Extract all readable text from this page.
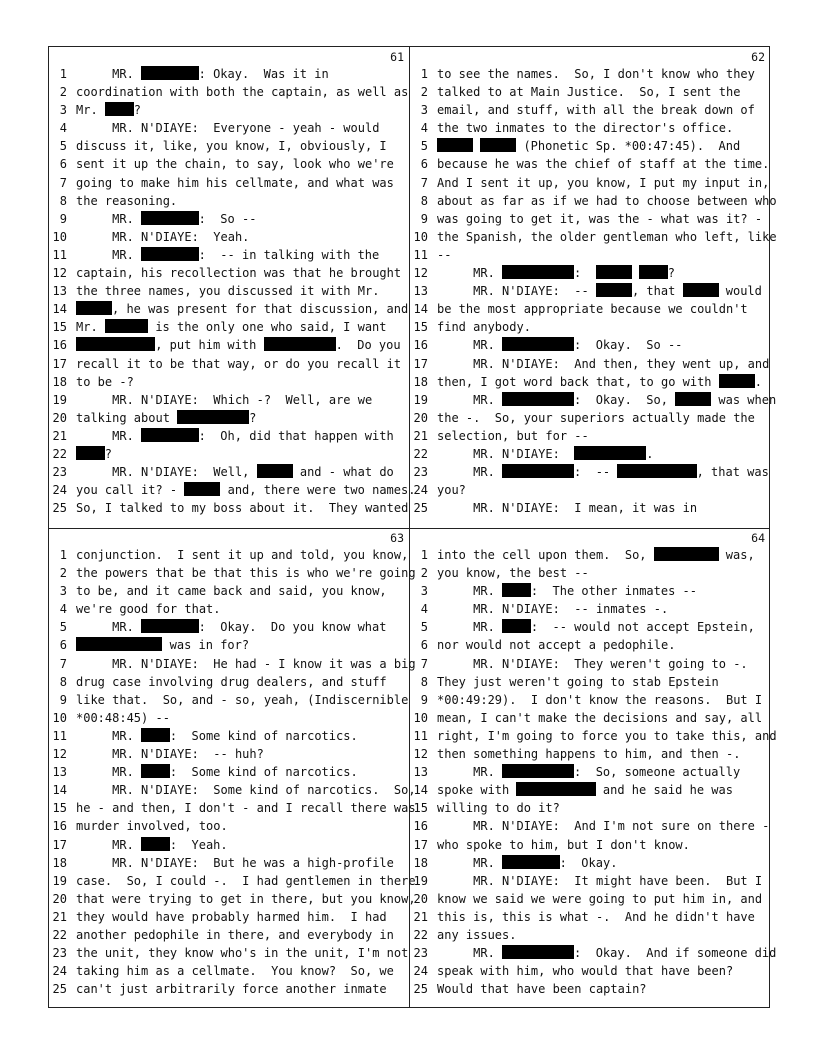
61
1     MR.	: Okay.  Was it in
2 coordination with both the captain, as well as
3 Mr. ?
4     MR. N'DIAYE:  Everyone - yeah - would
5 discuss it, like, you know, I, obviously, I
6 sent it up the chain, to say, look who we're
7 going to make him his cellmate, and what was
8 the reasoning.
9     MR.	:  So --
10     MR. N'DIAYE:  Yeah.
11     MR.	:  -- in talking with the
12 captain, his recollection was that he brought
13 the three names, you discussed it with Mr.
14	, he was present for that discussion, and
15 Mr.	is the only one who said, I want
16	, put him with	.  Do you
17 recall it to be that way, or do you recall it
18 to be -?
19     MR. N'DIAYE:  Which -?  Well, are we
20 talking about	?
21     MR.	:  Oh, did that happen with
22	?
23     MR. N'DIAYE:  Well,	and - what do
24 you call it? -	and, there were two names.
25 So, I talked to my boss about it.  They wanted
62
1 to see the names.  So, I don't know who they
2 talked to at Main Justice.  So, I sent the
3 email, and stuff, with all the break down of
4 the two inmates to the director's office.
5	(Phonetic Sp. *00:47:45).  And
6 because he was the chief of staff at the time.
7 And I sent it up, you know, I put my input in,
8 about as far as if we had to choose between who
9 was going to get it, was the - what was it? -
10 the Spanish, the older gentleman who left, like
11 --
12     MR.	:	?
13     MR. N'DIAYE:  --	, that	would
14 be the most appropriate because we couldn't
15 find anybody.
16     MR.	:  Okay.  So --
17     MR. N'DIAYE:  And then, they went up, and
18 then, I got word back that, to go with	.
19     MR.	:  Okay.  So,	was when
20 the -.  So, your superiors actually made the
21 selection, but for --
22     MR. N'DIAYE:	.
23     MR.	:  --	, that was
24 you?
25     MR. N'DIAYE:  I mean, it was in
63
1 conjunction.  I sent it up and told, you know,
2 the powers that be that this is who we're going
3 to be, and it came back and said, you know,
4 we're good for that.
5     MR.	:  Okay.  Do you know what
6	was in for?
7     MR. N'DIAYE:  He had - I know it was a big
8 drug case involving drug dealers, and stuff
9 like that.  So, and - so, yeah, (Indiscernible
10 *00:48:45) --
11     MR. :  Some kind of narcotics.
12     MR. N'DIAYE:  -- huh?
13     MR. :  Some kind of narcotics.
14     MR. N'DIAYE:  Some kind of narcotics.  So,
15 he - and then, I don't - and I recall there was
16 murder involved, too.
17     MR. :  Yeah.
18     MR. N'DIAYE:  But he was a high-profile
19 case.  So, I could -.  I had gentlemen in there
20 that were trying to get in there, but you know,
21 they would have probably harmed him.  I had
22 another pedophile in there, and everybody in
23 the unit, they know who's in the unit, I'm not
24 taking him as a cellmate.  You know?  So, we
25 can't just arbitrarily force another inmate
64
1 into the cell upon them.  So,	was,
2 you know, the best --
3     MR. :  The other inmates --
4     MR. N'DIAYE:  -- inmates -.
5     MR. :  -- would not accept Epstein,
6 nor would not accept a pedophile.
7     MR. N'DIAYE:  They weren't going to -.
8 They just weren't going to stab Epstein
9 *00:49:29).  I don't know the reasons.  But I
10 mean, I can't make the decisions and say, all
11 right, I'm going to force you to take this, and
12 then something happens to him, and then -.
13     MR.	:  So, someone actually
14 spoke with	and he said he was
15 willing to do it?
16     MR. N'DIAYE:  And I'm not sure on there -
17 who spoke to him, but I don't know.
18     MR.	:  Okay.
19     MR. N'DIAYE:  It might have been.  But I
20 know we said we were going to put him in, and
21 this is, this is what -.  And he didn't have
22 any issues.
23     MR.	:  Okay.  And if someone did
24 speak with him, who would that have been?
25 Would that have been captain?
